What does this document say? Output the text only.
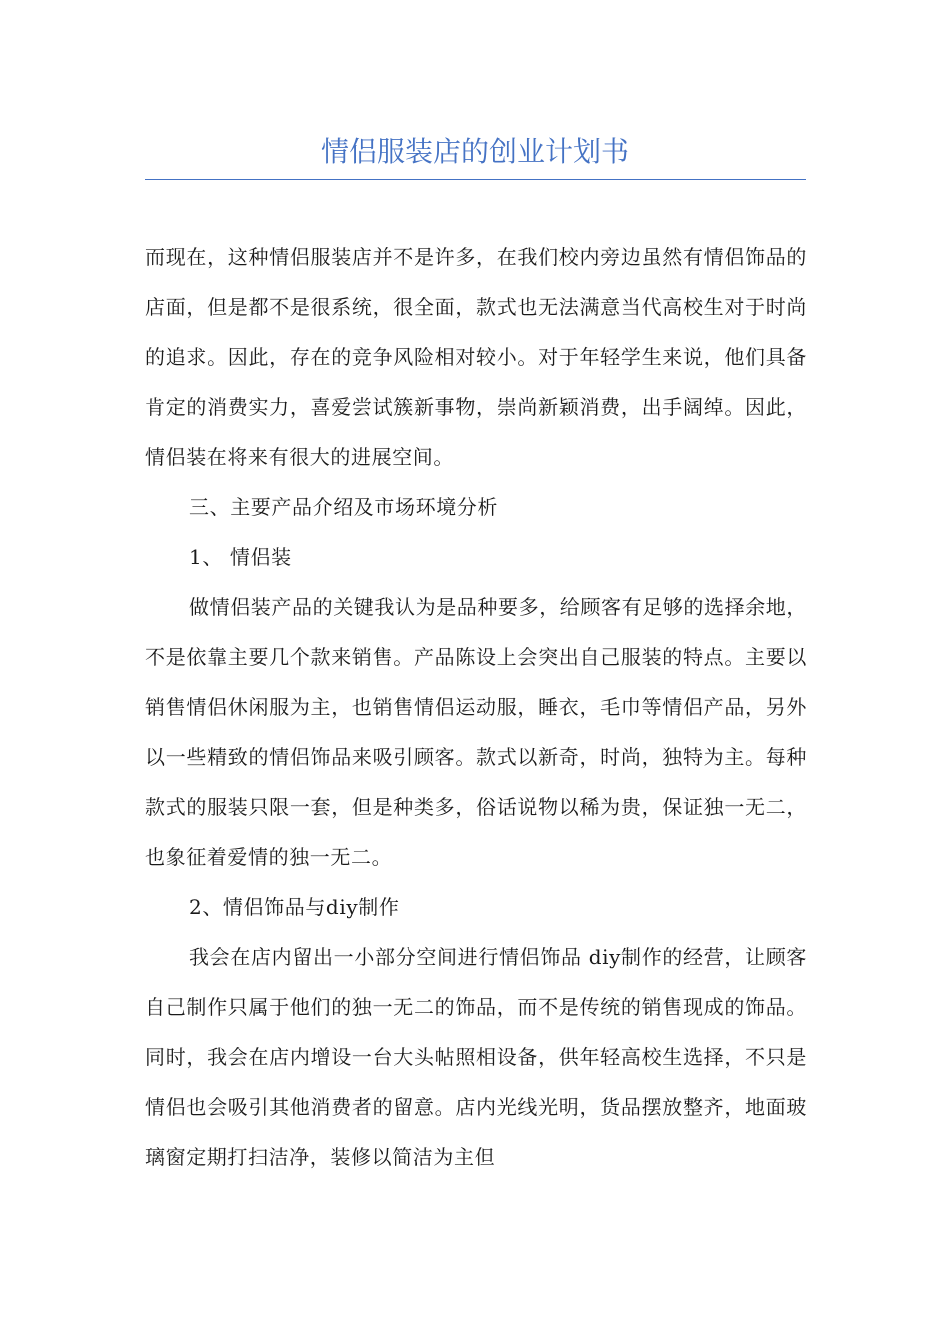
情侣服装店的创业计划书

而现在，这种情侣服装店并不是许多，在我们校内旁边虽然有情侣饰品的店面，但是都不是很系统，很全面，款式也无法满意当代高校生对于时尚的追求。因此，存在的竞争风险相对较小。对于年轻学生来说，他们具备肯定的消费实力，喜爱尝试簇新事物，崇尚新颖消费，出手阔绰。因此，情侣装在将来有很大的进展空间。

三、主要产品介绍及市场环境分析

1、 情侣装

做情侣装产品的关键我认为是品种要多，给顾客有足够的选择余地，不是依靠主要几个款来销售。产品陈设上会突出自己服装的特点。主要以销售情侣休闲服为主，也销售情侣运动服，睡衣，毛巾等情侣产品，另外以一些精致的情侣饰品来吸引顾客。款式以新奇，时尚，独特为主。每种款式的服装只限一套，但是种类多，俗话说物以稀为贵，保证独一无二，也象征着爱情的独一无二。

2、情侣饰品与diy制作

我会在店内留出一小部分空间进行情侣饰品 diy制作的经营，让顾客自己制作只属于他们的独一无二的饰品，而不是传统的销售现成的饰品。同时，我会在店内增设一台大头帖照相设备，供年轻高校生选择，不只是情侣也会吸引其他消费者的留意。店内光线光明，货品摆放整齐，地面玻璃窗定期打扫洁净，装修以简洁为主但
